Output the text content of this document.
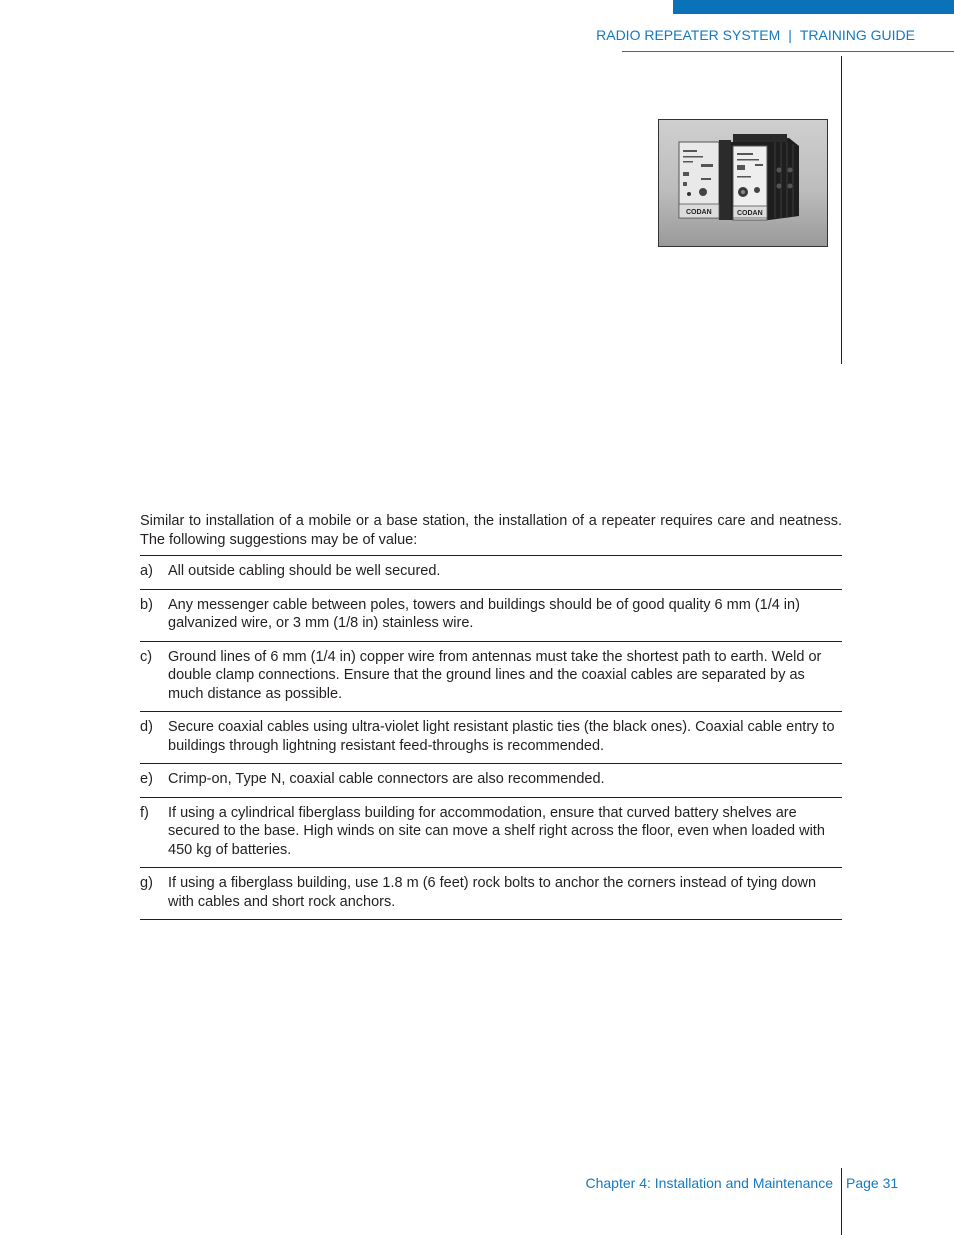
RADIO REPEATER SYSTEM | TRAINING GUIDE
CODAN	CODAN

Similar to installation of a mobile or a base station, the installation of a repeater requires care and neatness. The following suggestions may be of value:

a)	All outside cabling should be well secured.
b)	Any messenger cable between poles, towers and buildings should be of good quality 6 mm (1/4 in) galvanized wire, or 3 mm (1/8 in) stainless wire.
c)	Ground lines of 6 mm (1/4 in) copper wire from antennas must take the shortest path to earth. Weld or double clamp connections. Ensure that the ground lines and the coaxial cables are separated by as much distance as possible.
d)	Secure coaxial cables using ultra-violet light resistant plastic ties (the black ones). Coaxial cable entry to buildings through lightning resistant feed-throughs is recommended.
e)	Crimp-on, Type N, coaxial cable connectors are also recommended.
f)	If using a cylindrical fiberglass building for accommodation, ensure that curved battery shelves are secured to the base. High winds on site can move a shelf right across the floor, even when loaded with 450 kg of batteries.
g)	If using a fiberglass building, use 1.8 m (6 feet) rock bolts to anchor the corners instead of tying down with cables and short rock anchors.
Chapter 4: Installation and Maintenance Page 31
